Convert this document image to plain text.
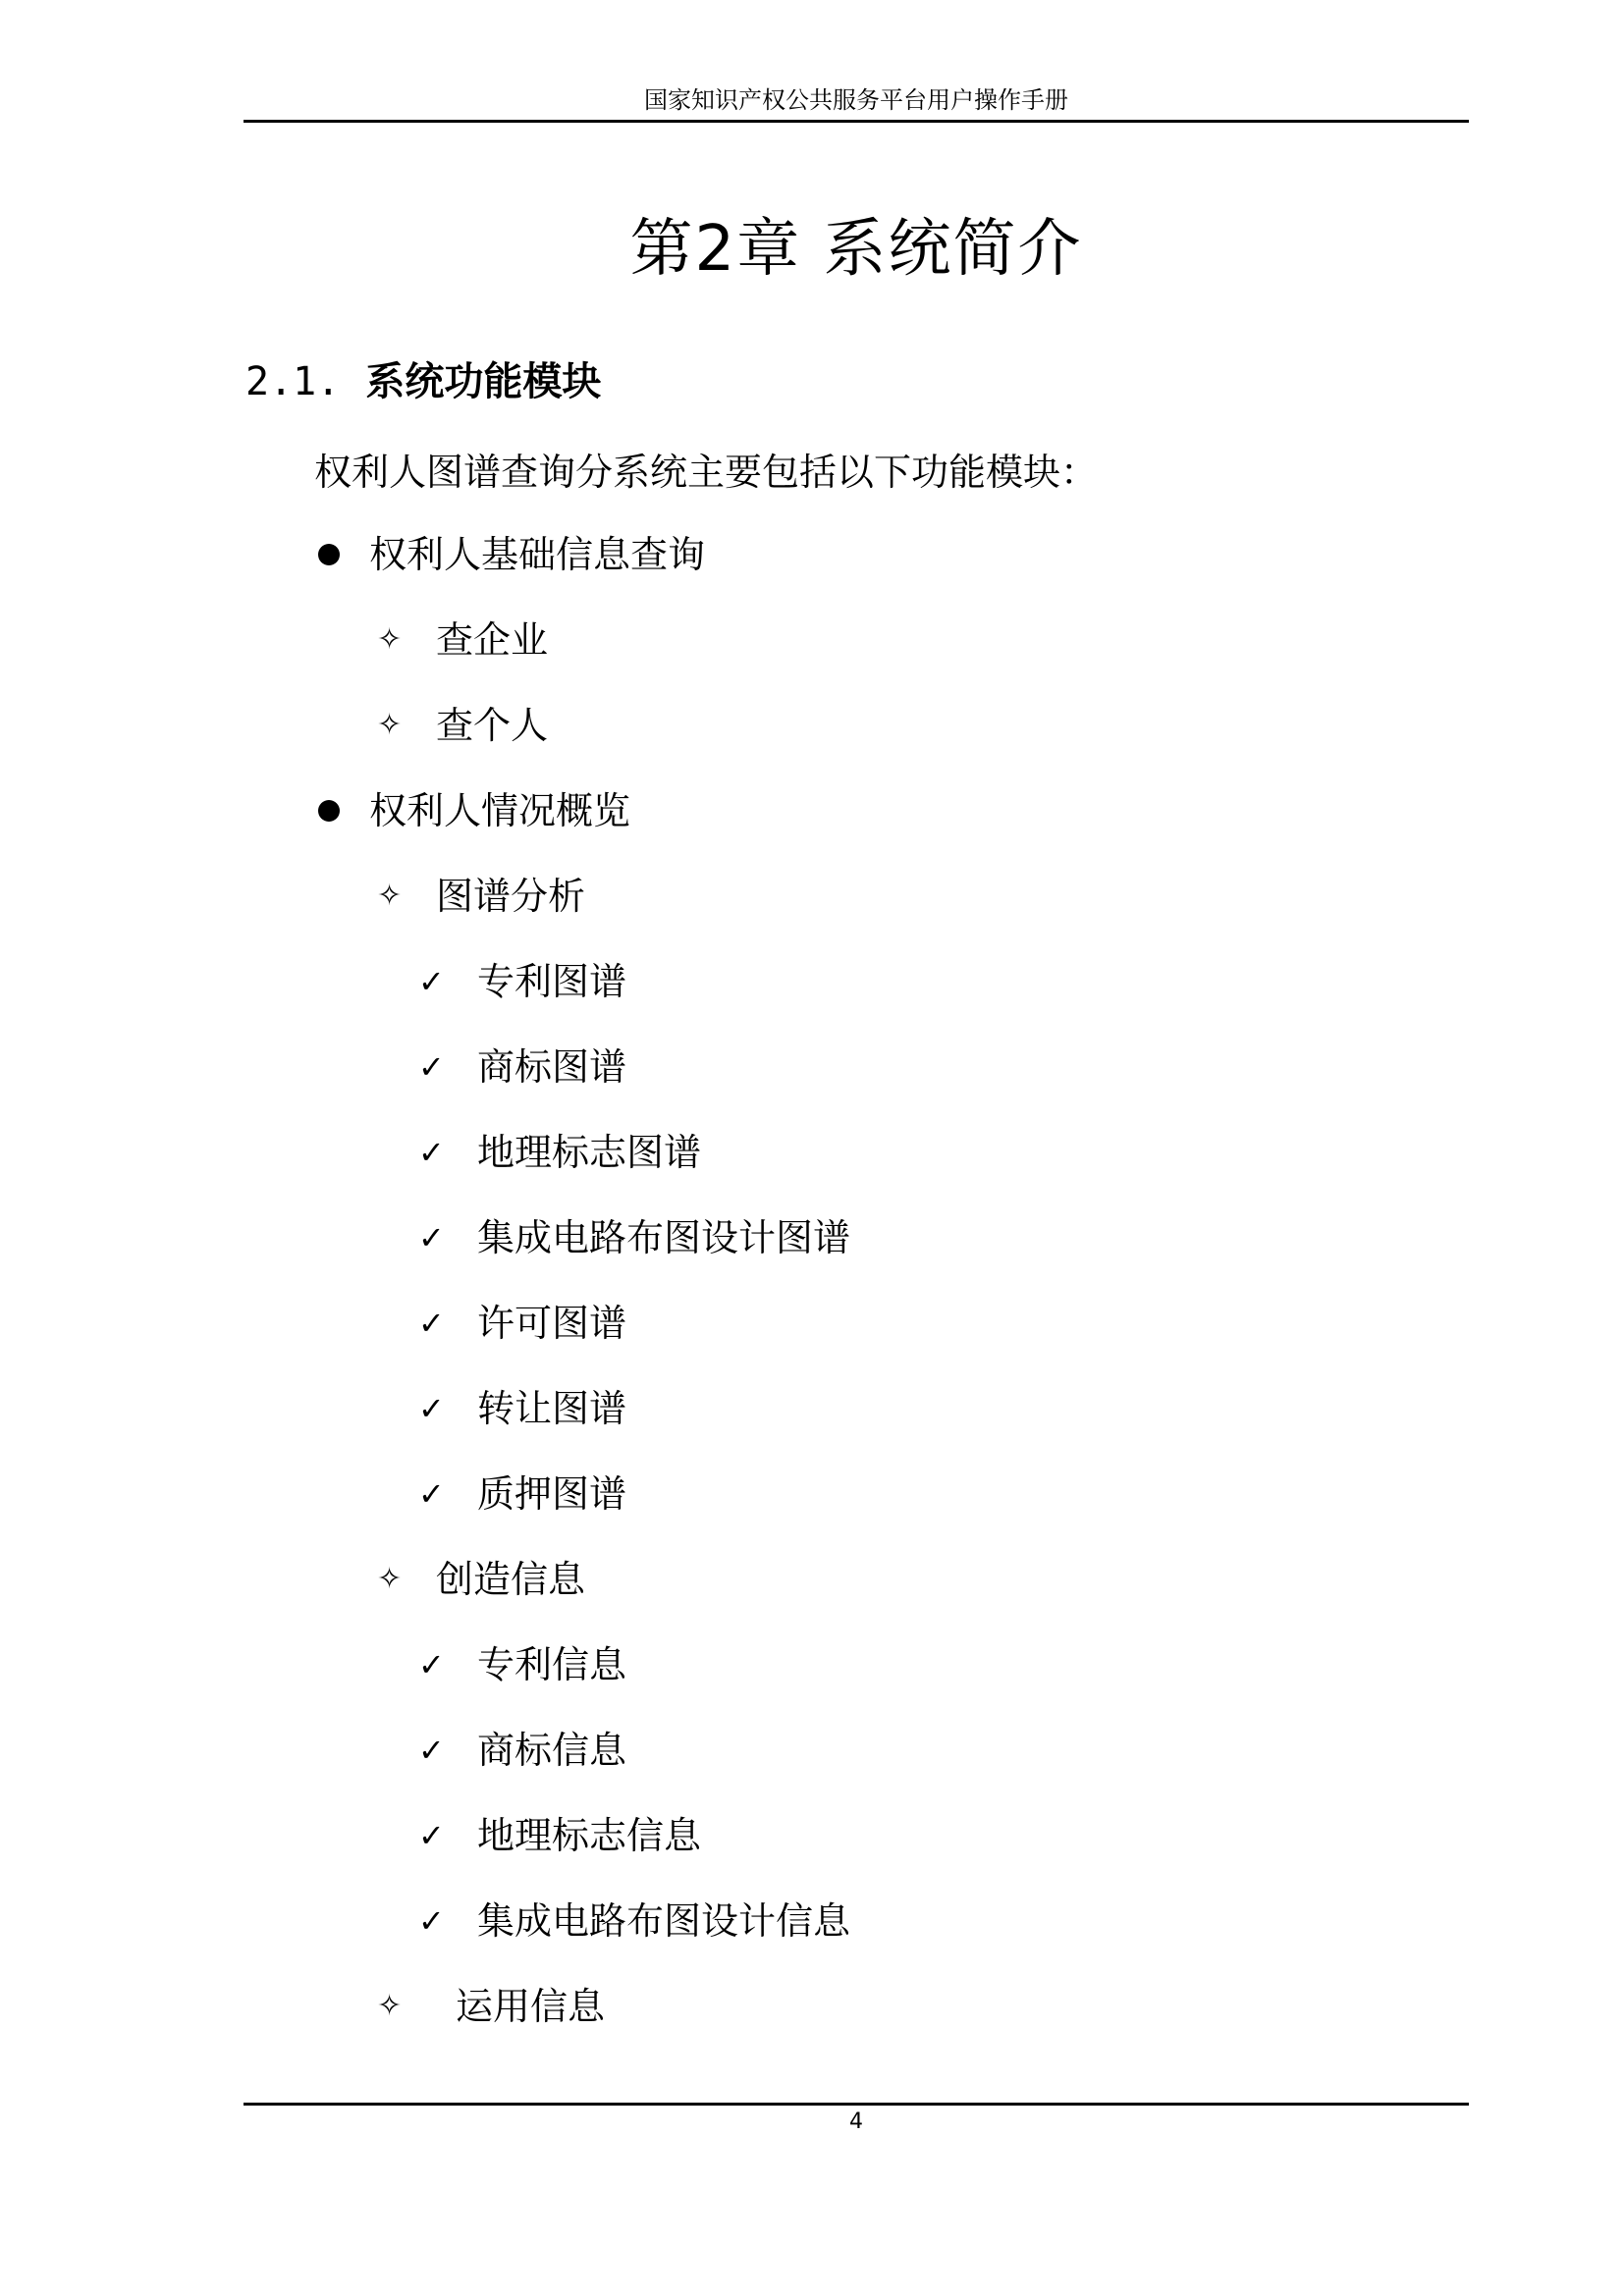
国家知识产权公共服务平台用户操作手册
第2章 系统简介
2.1. 系统功能模块
权利人图谱查询分系统主要包括以下功能模块：
权利人基础信息查询
✧ 查企业
✧ 查个人
权利人情况概览
✧ 图谱分析
✓ 专利图谱
✓ 商标图谱
✓ 地理标志图谱
✓ 集成电路布图设计图谱
✓ 许可图谱
✓ 转让图谱
✓ 质押图谱
✧ 创造信息
✓ 专利信息
✓ 商标信息
✓ 地理标志信息
✓ 集成电路布图设计信息
✧ 运用信息
4
